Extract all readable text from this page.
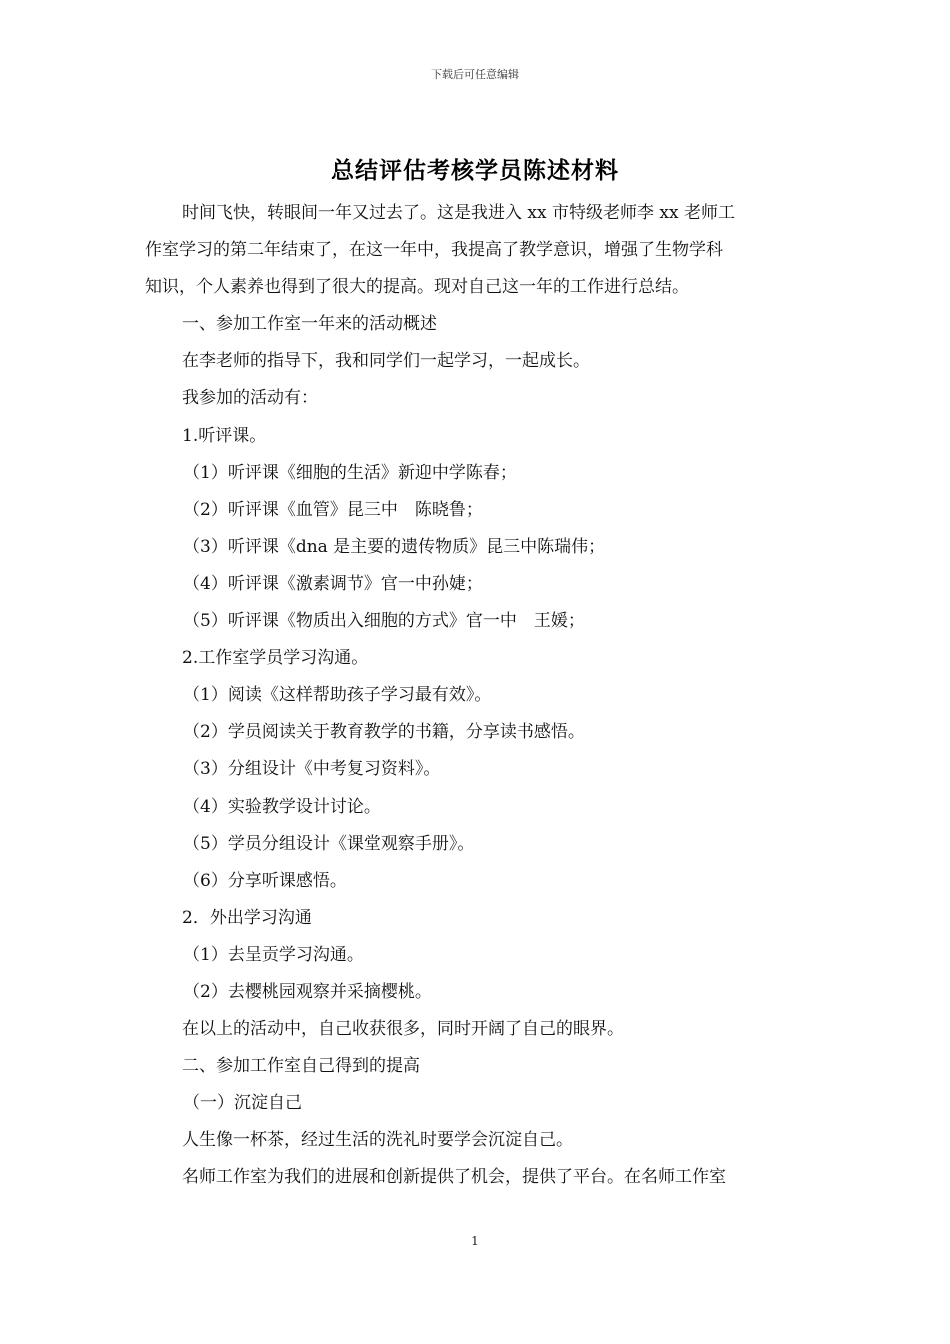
下载后可任意编辑
总结评估考核学员陈述材料
时间飞快，转眼间一年又过去了。这是我进入 xx 市特级老师李 xx 老师工
作室学习的第二年结束了，在这一年中，我提高了教学意识，增强了生物学科
知识，个人素养也得到了很大的提高。现对自己这一年的工作进行总结。
一、参加工作室一年来的活动概述
在李老师的指导下，我和同学们一起学习，一起成长。
我参加的活动有：
1.听评课。
（1）听评课《细胞的生活》新迎中学陈春；
（2）听评课《血管》昆三中　陈晓鲁；
（3）听评课《dna 是主要的遗传物质》昆三中陈瑞伟；
（4）听评课《激素调节》官一中孙婕；
（5）听评课《物质出入细胞的方式》官一中　王媛；
2.工作室学员学习沟通。
（1）阅读《这样帮助孩子学习最有效》。
（2）学员阅读关于教育教学的书籍，分享读书感悟。
（3）分组设计《中考复习资料》。
（4）实验教学设计讨论。
（5）学员分组设计《课堂观察手册》。
（6）分享听课感悟。
2．外出学习沟通
（1）去呈贡学习沟通。
（2）去樱桃园观察并采摘樱桃。
在以上的活动中，自己收获很多，同时开阔了自己的眼界。
二、参加工作室自己得到的提高
（一）沉淀自己
人生像一杯茶，经过生活的洗礼时要学会沉淀自己。
名师工作室为我们的进展和创新提供了机会，提供了平台。在名师工作室
1
